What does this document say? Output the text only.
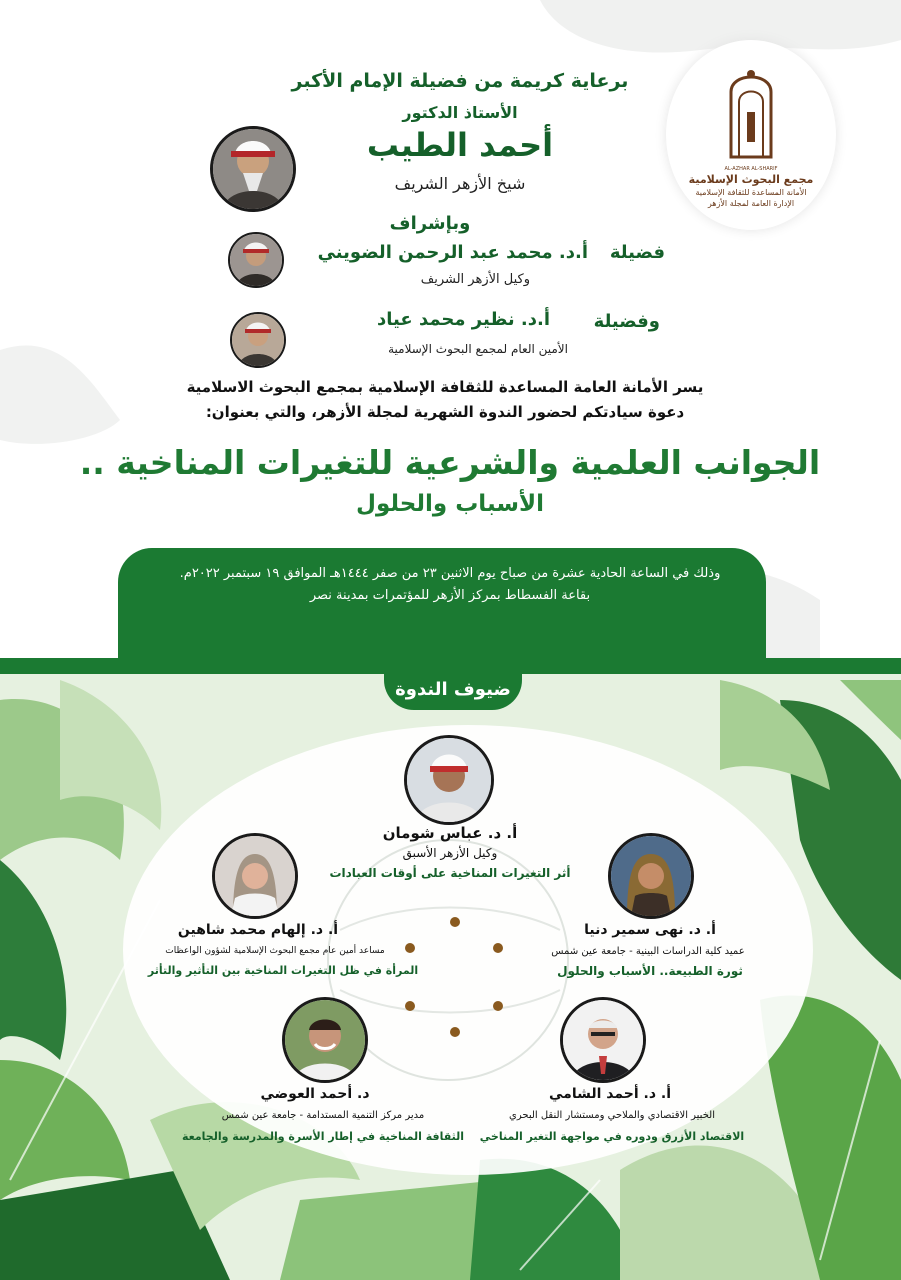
وذلك في الساعة الحادية عشرة من صباح يوم الاثنين ٢٣ من صفر ١٤٤٤هـ الموافق ١٩ سبتمبر ٢٠٢٢م.
بقاعة الفسطاط بمركز الأزهر للمؤتمرات بمدينة نصر
AL-AZHAR AL-SHARIF
مجمع البحوث الإسلامية
الأمانة المساعدة للثقافة الإسلامية
الإدارة العامة لمجلة الأزهر
برعاية كريمة من فضيلة الإمام الأكبر
الأستاذ الدكتور
أحمد الطيب
شيخ الأزهر الشريف
وبإشراف
فضيلة
أ.د. محمد عبد الرحمن الضويني
وكيل الأزهر الشريف
وفضيلة
أ.د. نظير محمد عياد
الأمين العام لمجمع البحوث الإسلامية
يسر الأمانة العامة المساعدة للثقافة الإسلامية بمجمع البحوث الاسلامية
دعوة سيادتكم لحضور الندوة الشهرية لمجلة الأزهر، والتي بعنوان:
الجوانب العلمية والشرعية للتغيرات المناخية ..
الأسباب والحلول
ضيوف الندوة
أ. د. عباس شومان
وكيل الأزهر الأسبق
أثر التغيرات المناخية على أوقات العبادات
أ. د. نهى سمير دنيا
عميد كلية الدراسات البينية - جامعة عين شمس
ثورة الطبيعة.. الأسباب والحلول
أ. د. إلهام محمد شاهين
مساعد أمين عام مجمع البحوث الإسلامية لشؤون الواعظات
المرأة في ظل التغيرات المناخية بين التأثير والتأثر
أ. د. أحمد الشامي
الخبير الاقتصادي والملاحي ومستشار النقل البحري
الاقتصاد الأزرق ودوره في مواجهة التغير المناخي
د. أحمد العوضي
مدير مركز التنمية المستدامة - جامعة عين شمس
الثقافة المناخية في إطار الأسرة والمدرسة والجامعة
